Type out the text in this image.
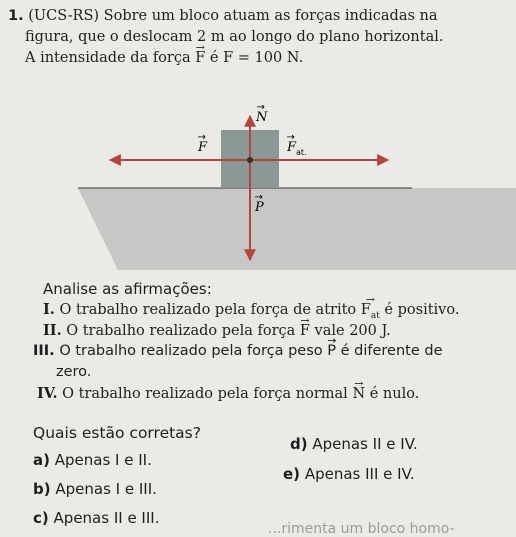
1. (UCS-RS) Sobre um bloco atuam as forças indicadas na
figura, que o deslocam 2 m ao longo do plano horizontal.
A intensidade da força → F é F = 100 N.
N
→
F
→
F at.
→
P
→
Analise as afirmações:
I. O trabalho realizado pela força de atrito → $F_{at}$ é positivo.
II. O trabalho realizado pela força → F vale 200 J.
III. O trabalho realizado pela força peso → P é diferente de
zero.
IV. O trabalho realizado pela força normal → N é nulo.
Quais estão corretas?
a) Apenas I e II.
b) Apenas I e III.
c) Apenas II e III.
d) Apenas II e IV.
e) Apenas III e IV.
...rimenta um bloco homo-
